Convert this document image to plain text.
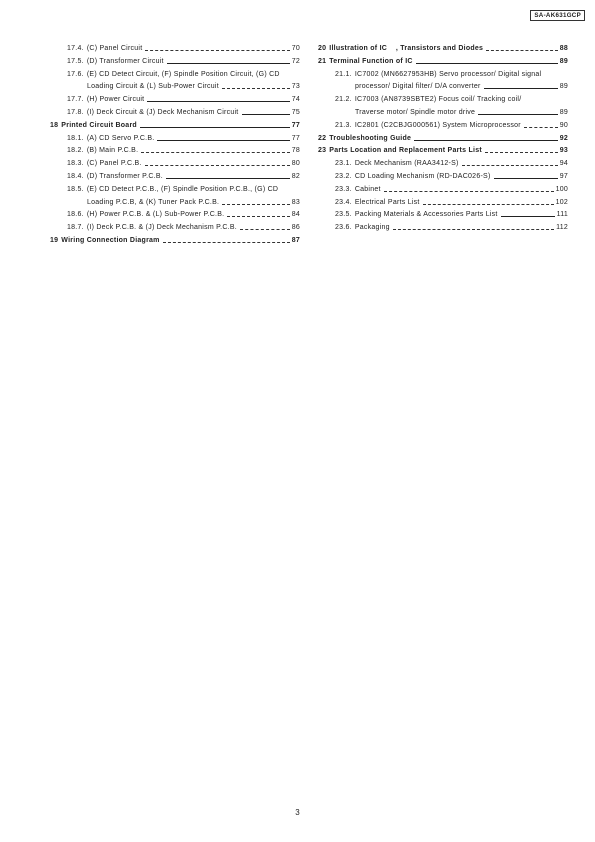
SA-AK631GCP
17.4. (C) Panel Circuit	70
17.5. (D) Transformer Circuit	72
17.6. (E) CD Detect Circuit, (F) Spindle Position Circuit, (G) CD
Loading Circuit & (L) Sub-Power Circuit	73
17.7. (H) Power Circuit	74
17.8. (I) Deck Circuit & (J) Deck Mechanism Circuit	75
18 Printed Circuit Board	77
18.1. (A) CD Servo P.C.B.	77
18.2. (B) Main P.C.B.	78
18.3. (C) Panel P.C.B.	80
18.4. (D) Transformer P.C.B.	82
18.5. (E) CD Detect P.C.B., (F) Spindle Position P.C.B., (G) CD
Loading P.C.B, & (K) Tuner Pack P.C.B.	83
18.6. (H) Power P.C.B. & (L) Sub-Power P.C.B.	84
18.7. (I) Deck P.C.B. & (J) Deck Mechanism P.C.B.	86
19 Wiring Connection Diagram	87
20 Illustration of IC    , Transistors and Diodes	88
21 Terminal Function of IC	89
21.1. IC7002 (MN6627953HB) Servo processor/ Digital signal
processor/ Digital filter/ D/A converter	89
21.2. IC7003 (AN8739SBTE2) Focus coil/ Tracking coil/
Traverse motor/ Spindle motor drive	89
21.3. IC2801 (C2CBJG000561) System Microprocessor	90
22 Troubleshooting Guide	92
23 Parts Location and Replacement Parts List	93
23.1. Deck Mechanism (RAA3412-S)	94
23.2. CD Loading Mechanism (RD-DAC026-S)	97
23.3. Cabinet	100
23.4. Electrical Parts List	102
23.5. Packing Materials & Accessories Parts List	111
23.6. Packaging	112
3
